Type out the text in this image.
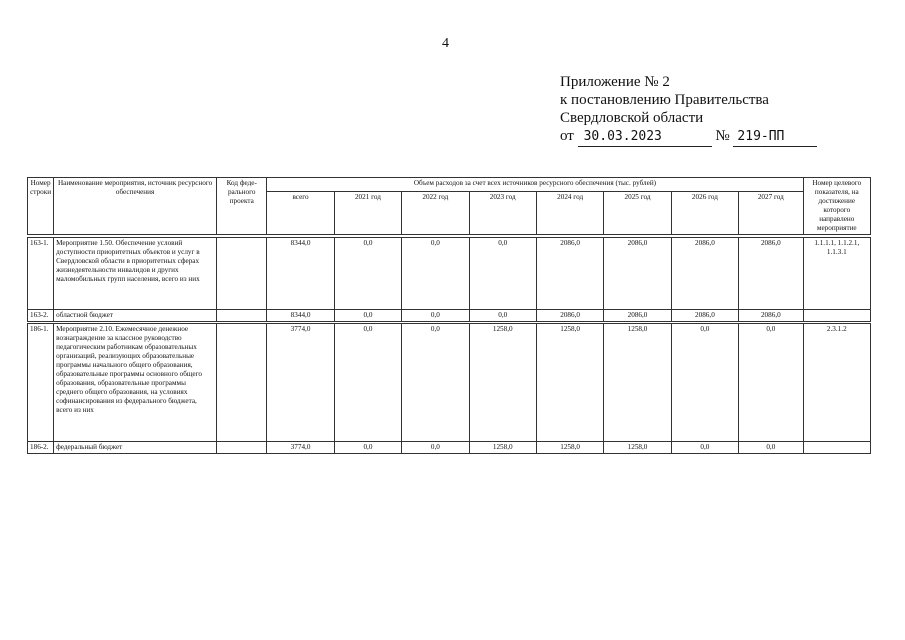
4
Приложение № 2
к постановлению Правительства
Свердловской области
от 30.03.2023	№ 219-ПП
Номер строки	Наименование мероприятия, источник ресурсного обеспечения	Код феде-рального проекта	Объем расходов за счет всех источников ресурсного обеспечения (тыс. рублей)								Номер целевого показателя, на достижение которого направлено мероприятие
			всего	2021 год	2022 год	2023 год	2024 год	2025 год	2026 год	2027 год	

163-1.	Мероприятие 1.50. Обеспечение условий доступности приоритетных объектов и услуг в Свердловской области в приоритетных сферах жизнедеятельности инвалидов и других маломобильных групп населения, всего из них		8344,0	0,0	0,0	0,0	2086,0	2086,0	2086,0	2086,0	1.1.1.1, 1.1.2.1, 1.1.3.1
163-2.	областной бюджет		8344,0	0,0	0,0	0,0	2086,0	2086,0	2086,0	2086,0	

186-1.	Мероприятие 2.10. Ежемесячное денежное вознаграждение за классное руководство педагогическим работникам образовательных организаций, реализующих образовательные программы начального общего образования, образовательные программы основного общего образования, образовательные программы среднего общего образования, на условиях софинансирования из федерального бюджета, всего из них		3774,0	0,0	0,0	1258,0	1258,0	1258,0	0,0	0,0	2.3.1.2
186-2.	федеральный бюджет		3774,0	0,0	0,0	1258,0	1258,0	1258,0	0,0	0,0	
